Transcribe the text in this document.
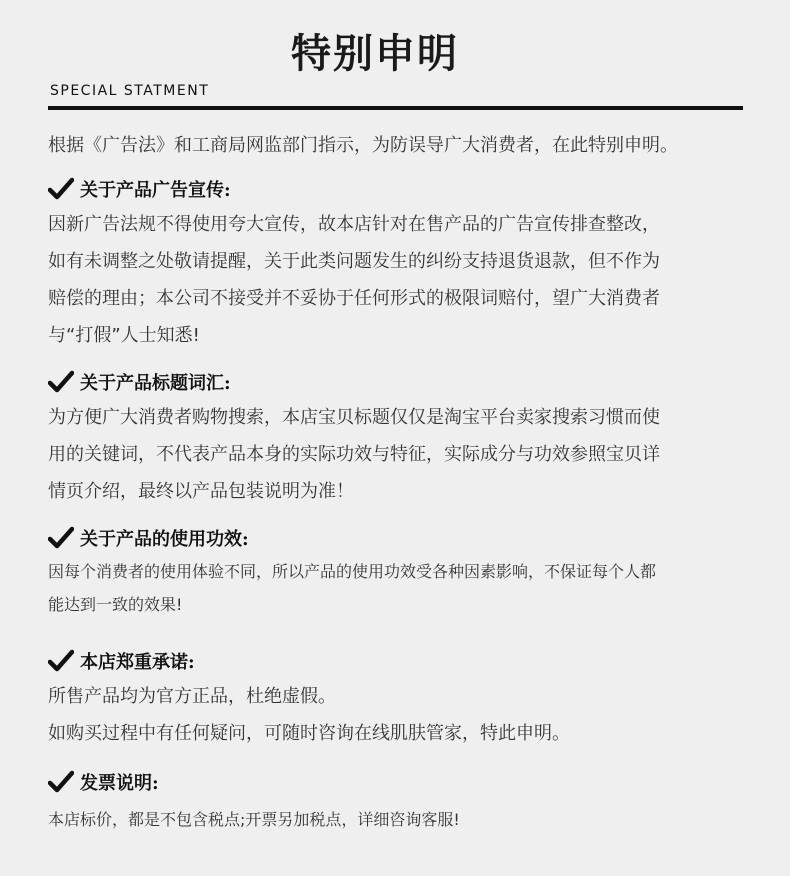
特别申明
SPECIAL STATMENT
根据《广告法》和工商局网监部门指示，为防误导广大消费者，在此特别申明。
关于产品广告宣传:
因新广告法规不得使用夸大宣传，故本店针对在售产品的广告宣传排查整改，
如有未调整之处敬请提醒，关于此类问题发生的纠纷支持退货退款，但不作为
赔偿的理由；本公司不接受并不妥协于任何形式的极限词赔付，望广大消费者
与“打假”人士知悉!
关于产品标题词汇:
为方便广大消费者购物搜索，本店宝贝标题仅仅是淘宝平台卖家搜索习惯而使
用的关键词，不代表产品本身的实际功效与特征，实际成分与功效参照宝贝详
情页介绍，最终以产品包装说明为准！
关于产品的使用功效:
因每个消费者的使用体验不同，所以产品的使用功效受各种因素影响，不保证每个人都
能达到一致的效果!
本店郑重承诺:
所售产品均为官方正品，杜绝虚假。
如购买过程中有任何疑问，可随时咨询在线肌肤管家，特此申明。
发票说明:
本店标价，都是不包含税点;开票另加税点，详细咨询客服!
